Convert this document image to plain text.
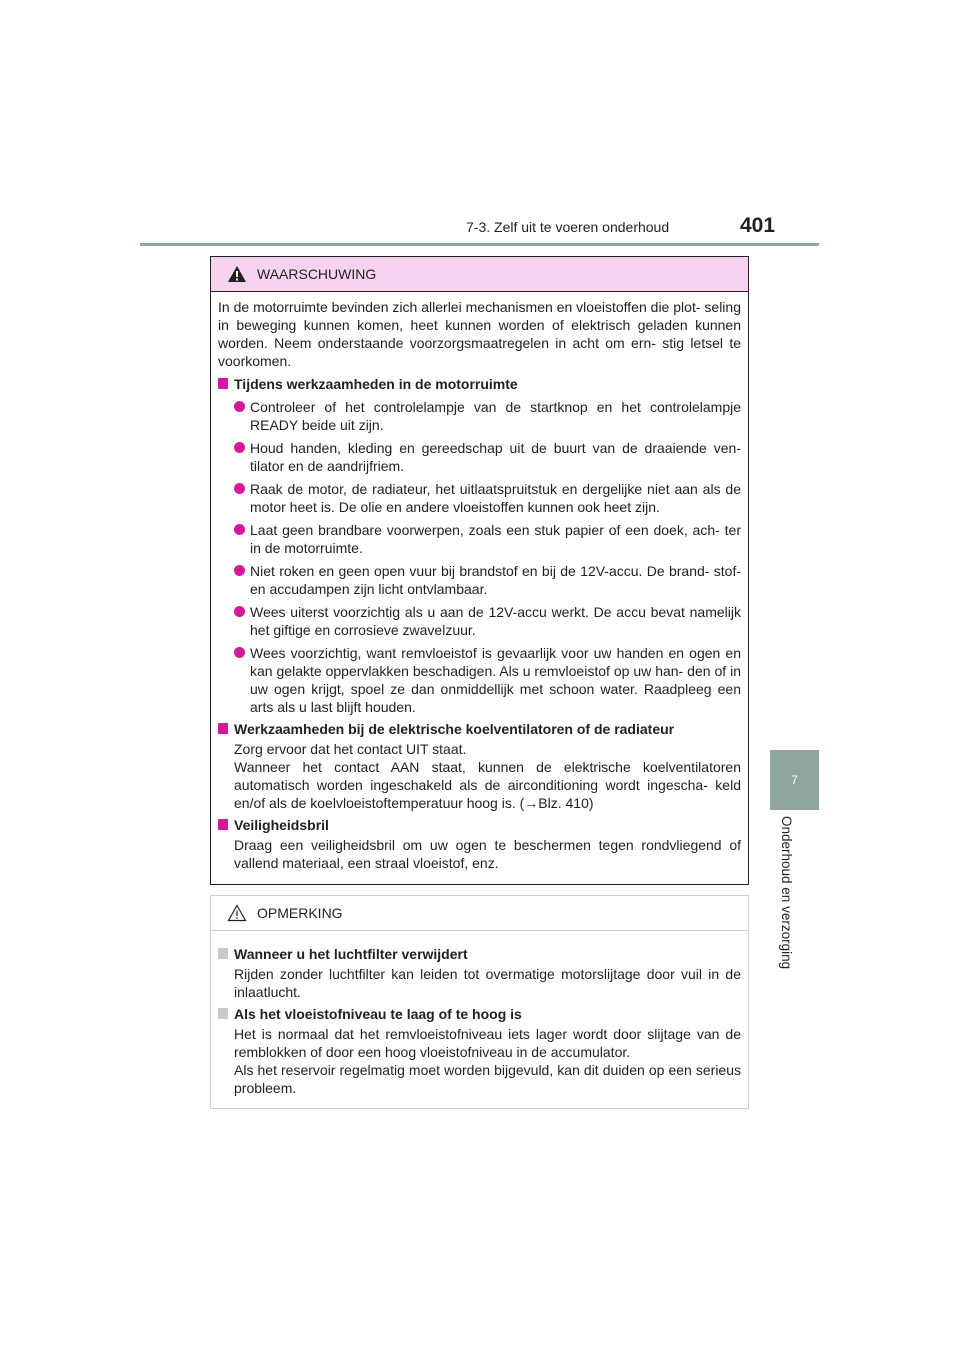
7-3. Zelf uit te voeren onderhoud	401
7
Onderhoud en verzorging
WAARSCHUWING
In de motorruimte bevinden zich allerlei mechanismen en vloeistoffen die plot- seling in beweging kunnen komen, heet kunnen worden of elektrisch geladen kunnen worden. Neem onderstaande voorzorgsmaatregelen in acht om ern- stig letsel te voorkomen.
Tijdens werkzaamheden in de motorruimte
Controleer of het controlelampje van de startknop en het controlelampje READY beide uit zijn.
Houd handen, kleding en gereedschap uit de buurt van de draaiende ven- tilator en de aandrijfriem.
Raak de motor, de radiateur, het uitlaatspruitstuk en dergelijke niet aan als de motor heet is. De olie en andere vloeistoffen kunnen ook heet zijn.
Laat geen brandbare voorwerpen, zoals een stuk papier of een doek, ach- ter in de motorruimte.
Niet roken en geen open vuur bij brandstof en bij de 12V-accu. De brand- stof- en accudampen zijn licht ontvlambaar.
Wees uiterst voorzichtig als u aan de 12V-accu werkt. De accu bevat namelijk het giftige en corrosieve zwavelzuur.
Wees voorzichtig, want remvloeistof is gevaarlijk voor uw handen en ogen en kan gelakte oppervlakken beschadigen. Als u remvloeistof op uw han- den of in uw ogen krijgt, spoel ze dan onmiddellijk met schoon water. Raadpleeg een arts als u last blijft houden.
Werkzaamheden bij de elektrische koelventilatoren of de radiateur
Zorg ervoor dat het contact UIT staat.
Wanneer het contact AAN staat, kunnen de elektrische koelventilatoren automatisch worden ingeschakeld als de airconditioning wordt ingescha- keld en/of als de koelvloeistoftemperatuur hoog is. (→Blz. 410)
Veiligheidsbril
Draag een veiligheidsbril om uw ogen te beschermen tegen rondvliegend of vallend materiaal, een straal vloeistof, enz.
OPMERKING
Wanneer u het luchtfilter verwijdert
Rijden zonder luchtfilter kan leiden tot overmatige motorslijtage door vuil in de inlaatlucht.
Als het vloeistofniveau te laag of te hoog is
Het is normaal dat het remvloeistofniveau iets lager wordt door slijtage van de remblokken of door een hoog vloeistofniveau in de accumulator.
Als het reservoir regelmatig moet worden bijgevuld, kan dit duiden op een serieus probleem.
